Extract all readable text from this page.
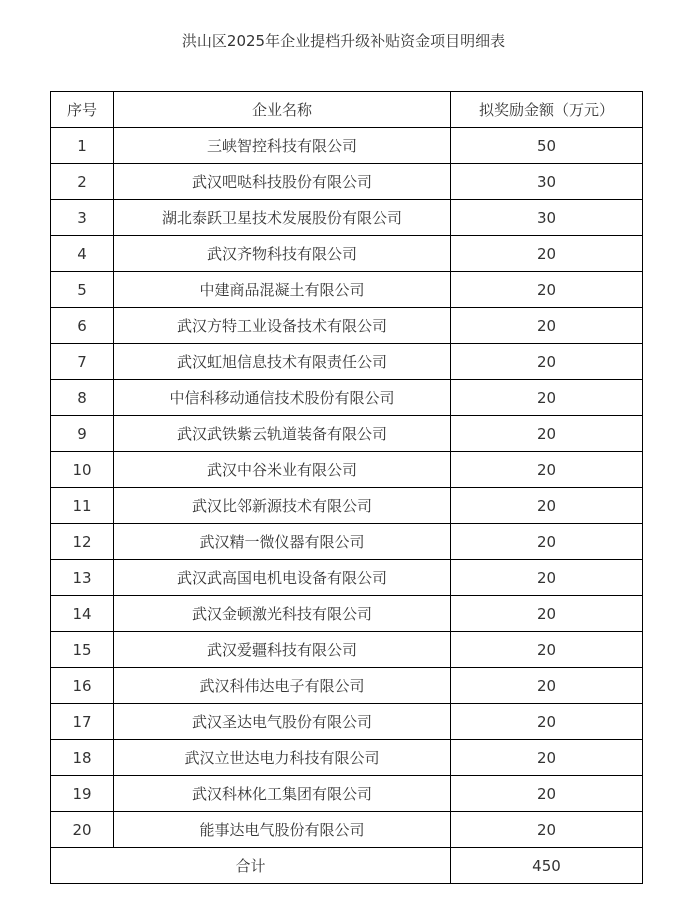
洪山区2025年企业提档升级补贴资金项目明细表
序号	企业名称	拟奖励金额（万元）
1	三峡智控科技有限公司	50
2	武汉吧哒科技股份有限公司	30
3	湖北泰跃卫星技术发展股份有限公司	30
4	武汉齐物科技有限公司	20
5	中建商品混凝土有限公司	20
6	武汉方特工业设备技术有限公司	20
7	武汉虹旭信息技术有限责任公司	20
8	中信科移动通信技术股份有限公司	20
9	武汉武铁紫云轨道装备有限公司	20
10	武汉中谷米业有限公司	20
11	武汉比邻新源技术有限公司	20
12	武汉精一微仪器有限公司	20
13	武汉武高国电机电设备有限公司	20
14	武汉金顿激光科技有限公司	20
15	武汉爱疆科技有限公司	20
16	武汉科伟达电子有限公司	20
17	武汉圣达电气股份有限公司	20
18	武汉立世达电力科技有限公司	20
19	武汉科林化工集团有限公司	20
20	能事达电气股份有限公司	20
合计		450
